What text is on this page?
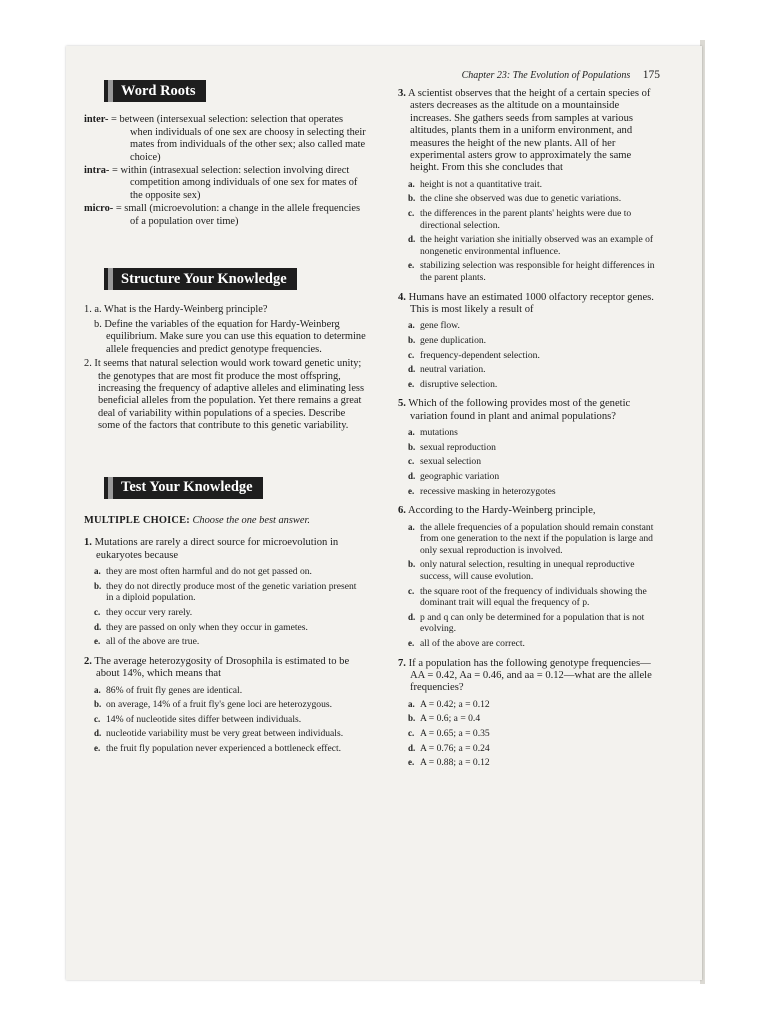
Chapter 23: The Evolution of Populations 175
Word Roots

inter- = between (intersexual selection: selection that operates when individuals of one sex are choosy in selecting their mates from individuals of the other sex; also called mate choice)

intra- = within (intrasexual selection: selection involving direct competition among individuals of one sex for mates of the opposite sex)

micro- = small (microevolution: a change in the allele frequencies of a population over time)

Structure Your Knowledge

1. a. What is the Hardy-Weinberg principle?

b. Define the variables of the equation for Hardy-Weinberg equilibrium. Make sure you can use this equation to determine allele frequencies and predict genotype frequencies.

2. It seems that natural selection would work toward genetic unity; the genotypes that are most fit produce the most offspring, increasing the frequency of adaptive alleles and eliminating less beneficial alleles from the population. Yet there remains a great deal of variability within populations of a species. Describe some of the factors that contribute to this genetic variability.

Test Your Knowledge

MULTIPLE CHOICE: Choose the one best answer.

1. Mutations are rarely a direct source for microevolution in eukaryotes because

a. they are most often harmful and do not get passed on.

b. they do not directly produce most of the genetic variation present in a diploid population.

c. they occur very rarely.

d. they are passed on only when they occur in gametes.

e. all of the above are true.

2. The average heterozygosity of Drosophila is estimated to be about 14%, which means that

a. 86% of fruit fly genes are identical.

b. on average, 14% of a fruit fly's gene loci are heterozygous.

c. 14% of nucleotide sites differ between individuals.

d. nucleotide variability must be very great between individuals.

e. the fruit fly population never experienced a bottleneck effect.

3. A scientist observes that the height of a certain species of asters decreases as the altitude on a mountainside increases. She gathers seeds from samples at various altitudes, plants them in a uniform environment, and measures the height of the new plants. All of her experimental asters grow to approximately the same height. From this she concludes that

a. height is not a quantitative trait.

b. the cline she observed was due to genetic variations.

c. the differences in the parent plants' heights were due to directional selection.

d. the height variation she initially observed was an example of nongenetic environmental influence.

e. stabilizing selection was responsible for height differences in the parent plants.

4. Humans have an estimated 1000 olfactory receptor genes. This is most likely a result of

a. gene flow.

b. gene duplication.

c. frequency-dependent selection.

d. neutral variation.

e. disruptive selection.

5. Which of the following provides most of the genetic variation found in plant and animal populations?

a. mutations

b. sexual reproduction

c. sexual selection

d. geographic variation

e. recessive masking in heterozygotes

6. According to the Hardy-Weinberg principle,

a. the allele frequencies of a population should remain constant from one generation to the next if the population is large and only sexual reproduction is involved.

b. only natural selection, resulting in unequal reproductive success, will cause evolution.

c. the square root of the frequency of individuals showing the dominant trait will equal the frequency of p.

d. p and q can only be determined for a population that is not evolving.

e. all of the above are correct.

7. If a population has the following genotype frequencies—AA = 0.42, Aa = 0.46, and aa = 0.12—what are the allele frequencies?

a. A = 0.42; a = 0.12

b. A = 0.6; a = 0.4

c. A = 0.65; a = 0.35

d. A = 0.76; a = 0.24

e. A = 0.88; a = 0.12
